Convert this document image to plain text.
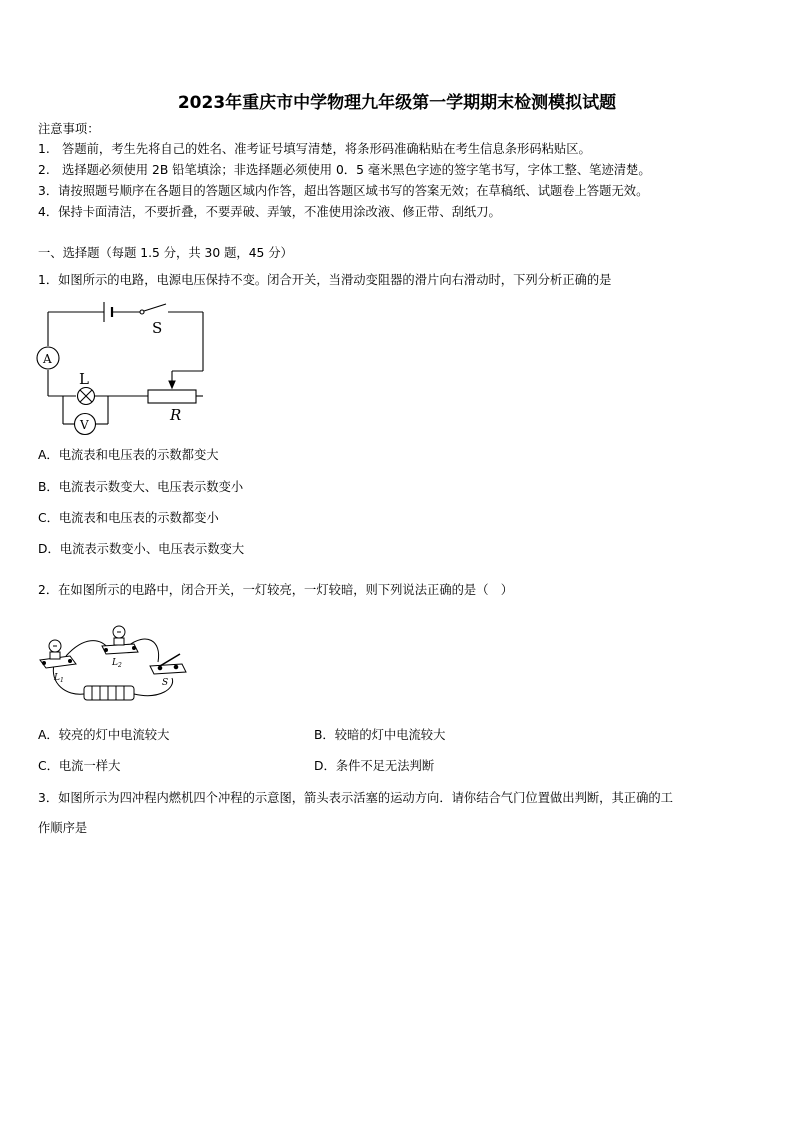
2023年重庆市中学物理九年级第一学期期末检测模拟试题
注意事项：
1.　答题前，考生先将自己的姓名、准考证号填写清楚，将条形码准确粘贴在考生信息条形码粘贴区。
2.　选择题必须使用 2B 铅笔填涂；非选择题必须使用 0．5 毫米黑色字迹的签字笔书写，字体工整、笔迹清楚。
3．请按照题号顺序在各题目的答题区域内作答，超出答题区域书写的答案无效；在草稿纸、试题卷上答题无效。
4．保持卡面清洁，不要折叠，不要弄破、弄皱，不准使用涂改液、修正带、刮纸刀。
一、选择题（每题 1.5 分，共 30 题，45 分）
1．如图所示的电路，电源电压保持不变。闭合开关，当滑动变阻器的滑片向右滑动时，下列分析正确的是
S
L
R
A
V
A．电流表和电压表的示数都变大
B．电流表示数变大、电压表示数变小
C．电流表和电压表的示数都变小
D．电流表示数变小、电压表示数变大
2．在如图所示的电路中，闭合开关，一灯较亮，一灯较暗，则下列说法正确的是（　）
$L_1$
$L_2$
S
A．较亮的灯中电流较大	B．较暗的灯中电流较大
C．电流一样大	D．条件不足无法判断
3．如图所示为四冲程内燃机四个冲程的示意图，箭头表示活塞的运动方向．请你结合气门位置做出判断，其正确的工
作顺序是
